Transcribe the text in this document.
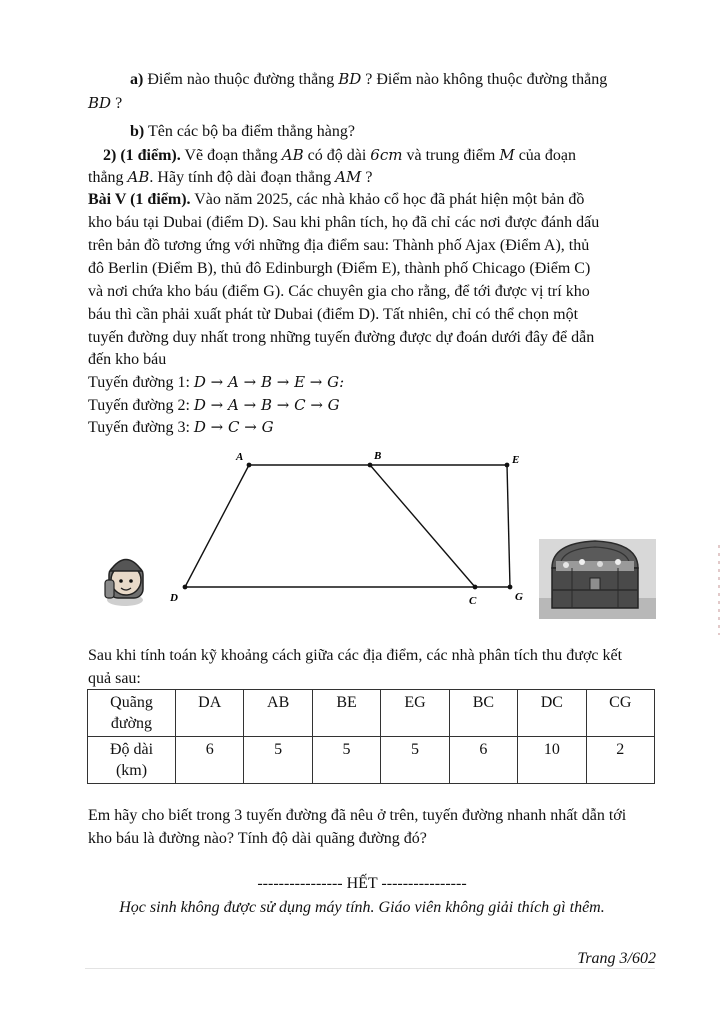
a) Điểm nào thuộc đường thẳng BD ? Điểm nào không thuộc đường thẳng
BD ?
b) Tên các bộ ba điểm thẳng hàng?
2) (1 điểm). Vẽ đoạn thẳng AB có độ dài 6cm và trung điểm M của đoạn
thẳng AB. Hãy tính độ dài đoạn thẳng AM ?
Bài V (1 điểm). Vào năm 2025, các nhà khảo cổ học đã phát hiện một bản đồ
kho báu tại Dubai (điểm D). Sau khi phân tích, họ đã chỉ các nơi được đánh dấu
trên bản đồ tương ứng với những địa điểm sau: Thành phố Ajax (Điểm A), thủ
đô Berlin (Điểm B), thủ đô Edinburgh (Điểm E), thành phố Chicago (Điểm C)
và nơi chứa kho báu (điểm G). Các chuyên gia cho rằng, để tới được vị trí kho
báu thì cần phải xuất phát từ Dubai (điểm D). Tất nhiên, chỉ có thể chọn một
tuyến đường duy nhất trong những tuyến đường được dự đoán dưới đây để dẫn
đến kho báu
Tuyến đường 1: D → A → B → E → G:
Tuyến đường 2: D → A → B → C → G
Tuyến đường 3: D → C → G
A	B	E
D	C	G
Sau khi tính toán kỹ khoảng cách giữa các địa điểm, các nhà phân tích thu được kết
quả sau:
Quãng
đường	DA	AB	BE	EG	BC	DC	CG
Độ dài
(km)	6	5	5	5	6	10	2
Em hãy cho biết trong 3 tuyến đường đã nêu ở trên, tuyến đường nhanh nhất dẫn tới
kho báu là đường nào? Tính độ dài quãng đường đó?
---------------- HẾT ----------------
Học sinh không được sử dụng máy tính. Giáo viên không giải thích gì thêm.
Trang 3/602
